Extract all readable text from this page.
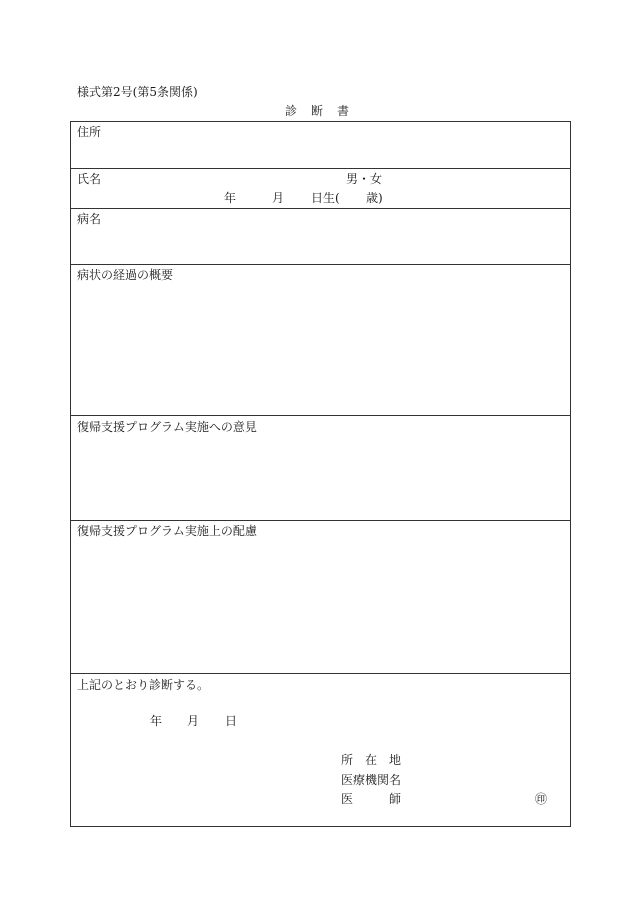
様式第2号(第5条関係)
診　断　書
住所
氏名	男・女
年	月 日生( 歳)
病名
病状の経過の概要
復帰支援プログラム実施への意見
復帰支援プログラム実施上の配慮
上記のとおり診断する。
年 月 日
所　在　地
医療機関名
医　　　師	㊞
